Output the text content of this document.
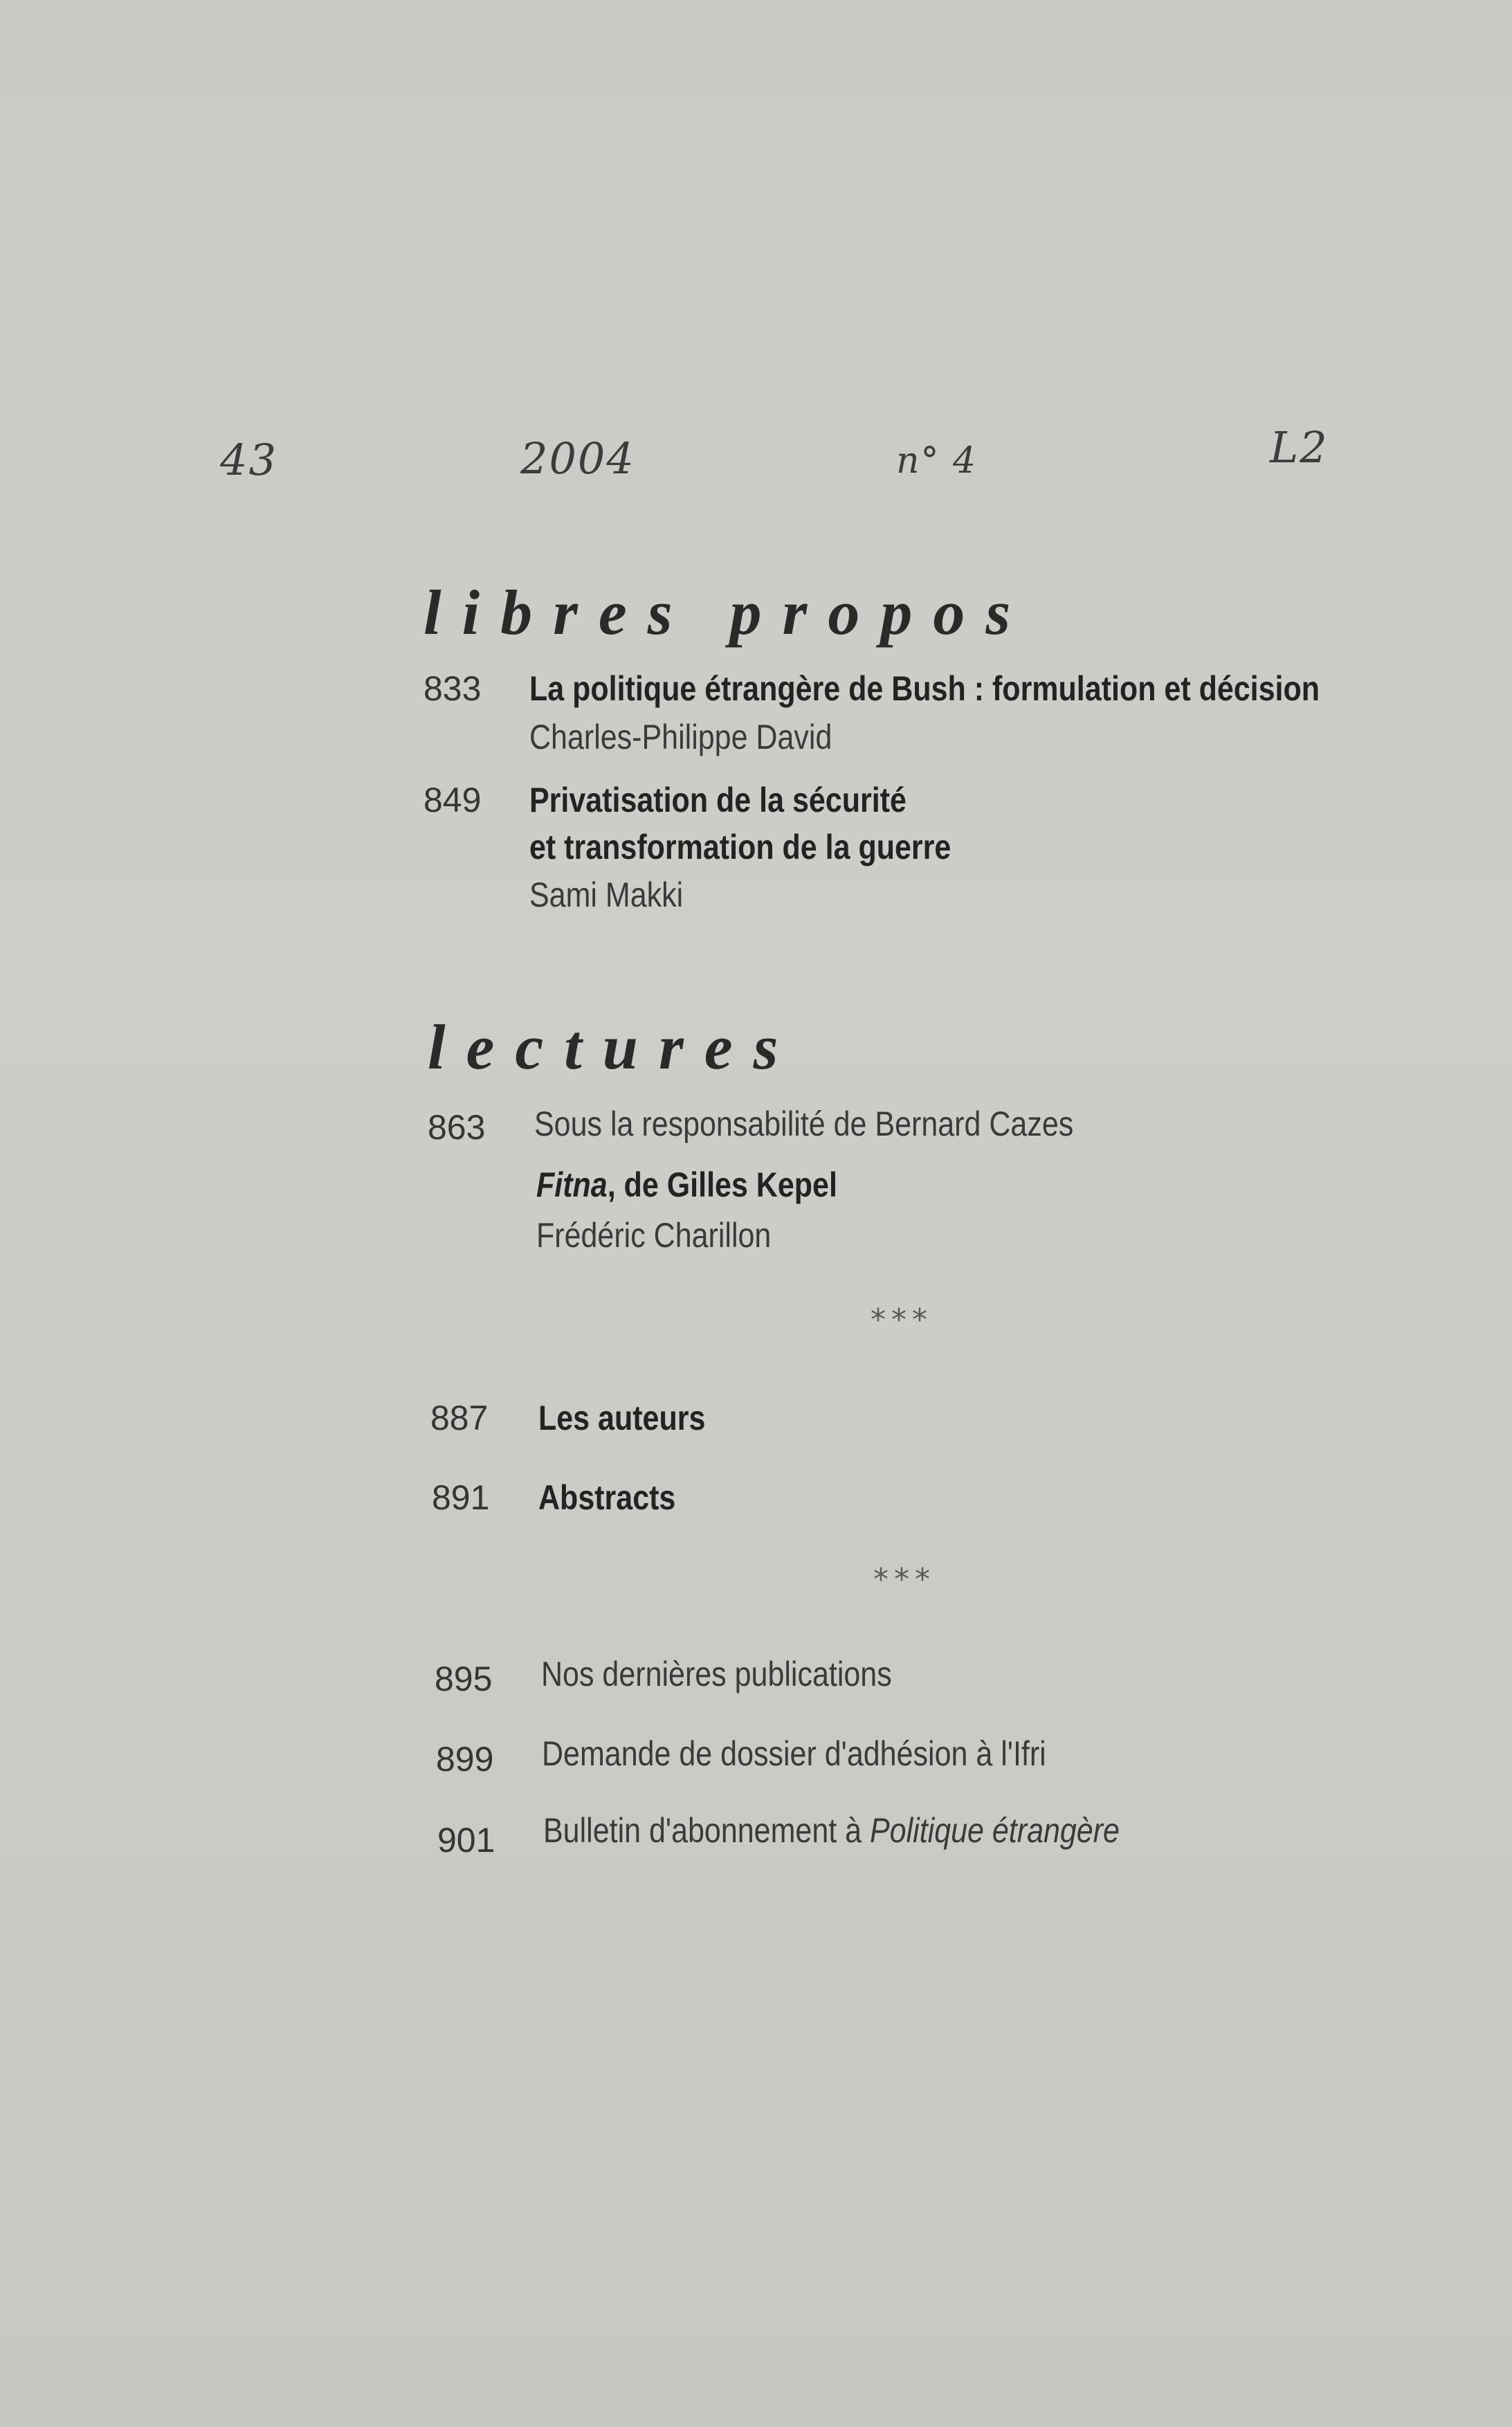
43	2004	n° 4	L2
libres propos
833 La politique étrangère de Bush : formulation et décision
Charles-Philippe David
849 Privatisation de la sécurité
et transformation de la guerre
Sami Makki
lectures
863 Sous la responsabilité de Bernard Cazes
Fitna, de Gilles Kepel
Frédéric Charillon
***
887 Les auteurs
891 Abstracts
***
895 Nos dernières publications
899 Demande de dossier d'adhésion à l'Ifri
901 Bulletin d'abonnement à Politique étrangère
